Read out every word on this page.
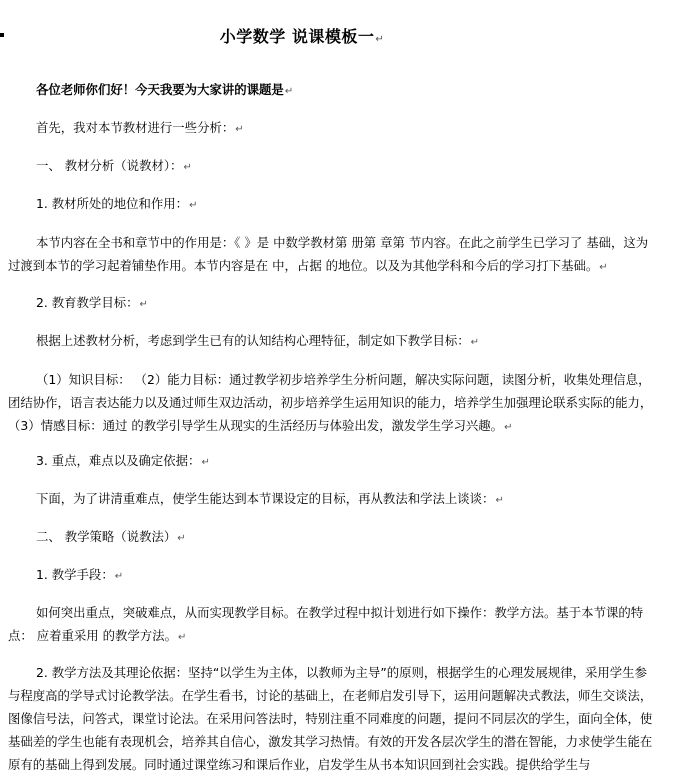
小学数学 说课模板一↵
各位老师你们好！今天我要为大家讲的课题是↵
首先，我对本节教材进行一些分析：↵
一、 教材分析（说教材）：↵
1. 教材所处的地位和作用：↵
本节内容在全书和章节中的作用是：《 》是 中数学教材第 册第 章第 节内容。在此之前学生已学习了 基础，这为过渡到本节的学习起着铺垫作用。本节内容是在 中，占据 的地位。以及为其他学科和今后的学习打下基础。↵
2. 教育教学目标：↵
根据上述教材分析，考虑到学生已有的认知结构心理特征，制定如下教学目标：↵
（1）知识目标： （2）能力目标：通过教学初步培养学生分析问题，解决实际问题，读图分析，收集处理信息，团结协作，语言表达能力以及通过师生双边活动，初步培养学生运用知识的能力，培养学生加强理论联系实际的能力，（3）情感目标：通过 的教学引导学生从现实的生活经历与体验出发，激发学生学习兴趣。↵
3. 重点，难点以及确定依据：↵
下面，为了讲清重难点，使学生能达到本节课设定的目标，再从教法和学法上谈谈：↵
二、 教学策略（说教法）↵
1. 教学手段：↵
如何突出重点，突破难点，从而实现教学目标。在教学过程中拟计划进行如下操作：教学方法。基于本节课的特点： 应着重采用 的教学方法。↵
2. 教学方法及其理论依据：坚持“以学生为主体，以教师为主导”的原则，根据学生的心理发展规律，采用学生参与程度高的学导式讨论教学法。在学生看书，讨论的基础上，在老师启发引导下，运用问题解决式教法，师生交谈法，图像信号法，问答式，课堂讨论法。在采用问答法时，特别注重不同难度的问题，提问不同层次的学生，面向全体，使基础差的学生也能有表现机会，培养其自信心，激发其学习热情。有效的开发各层次学生的潜在智能，力求使学生能在原有的基础上得到发展。同时通过课堂练习和课后作业，启发学生从书本知识回到社会实践。提供给学生与
